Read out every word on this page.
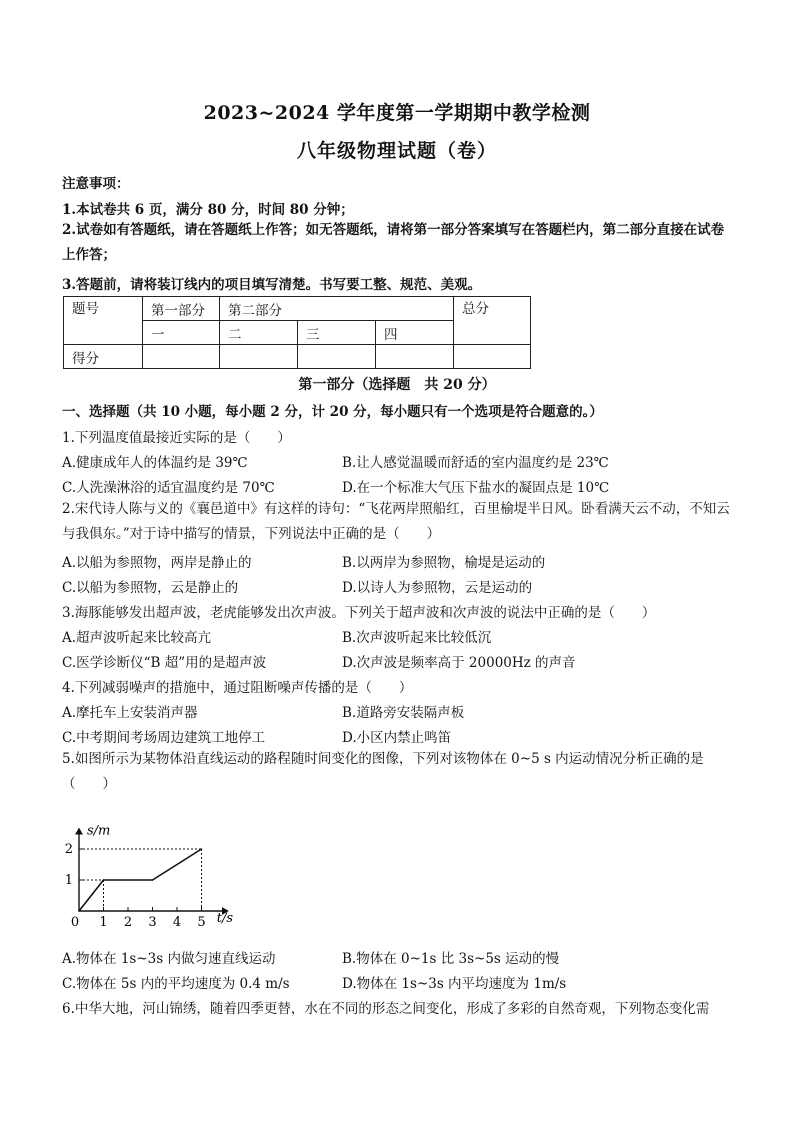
2023~2024 学年度第一学期期中教学检测
八年级物理试题（卷）
注意事项：
1.本试卷共 6 页，满分 80 分，时间 80 分钟；
2.试卷如有答题纸，请在答题纸上作答；如无答题纸，请将第一部分答案填写在答题栏内，第二部分直接在试卷上作答；
3.答题前，请将装订线内的项目填写清楚。书写要工整、规范、美观。
题号	第一部分	第二部分			总分
	一	二	三	四	
得分					
第一部分（选择题　共 20 分）
一、选择题（共 10 小题，每小题 2 分，计 20 分，每小题只有一个选项是符合题意的。）
1.下列温度值最接近实际的是（　　）
A.健康成年人的体温约是 39℃	B.让人感觉温暖而舒适的室内温度约是 23℃
C.人洗澡淋浴的适宜温度约是 70℃	D.在一个标准大气压下盐水的凝固点是 10℃
2.宋代诗人陈与义的《襄邑道中》有这样的诗句：“飞花两岸照船红，百里榆堤半日风。卧看满天云不动，不知云与我俱东。”对于诗中描写的情景，下列说法中正确的是（　　）
A.以船为参照物，两岸是静止的	B.以两岸为参照物，榆堤是运动的
C.以船为参照物，云是静止的	D.以诗人为参照物，云是运动的
3.海豚能够发出超声波，老虎能够发出次声波。下列关于超声波和次声波的说法中正确的是（　　）
A.超声波听起来比较高亢	B.次声波听起来比较低沉
C.医学诊断仪“B 超”用的是超声波	D.次声波是频率高于 20000Hz 的声音
4.下列减弱噪声的措施中，通过阻断噪声传播的是（　　）
A.摩托车上安装消声器	B.道路旁安装隔声板
C.中考期间考场周边建筑工地停工	D.小区内禁止鸣笛
5.如图所示为某物体沿直线运动的路程随时间变化的图像，下列对该物体在 0~5 s 内运动情况分析正确的是（　　）
1 2 3 4 5
1
2
s/m
t/s
0
A.物体在 1s~3s 内做匀速直线运动	B.物体在 0~1s 比 3s~5s 运动的慢
C.物体在 5s 内的平均速度为 0.4 m/s	D.物体在 1s~3s 内平均速度为 1m/s
6.中华大地，河山锦绣，随着四季更替，水在不同的形态之间变化，形成了多彩的自然奇观，下列物态变化需
